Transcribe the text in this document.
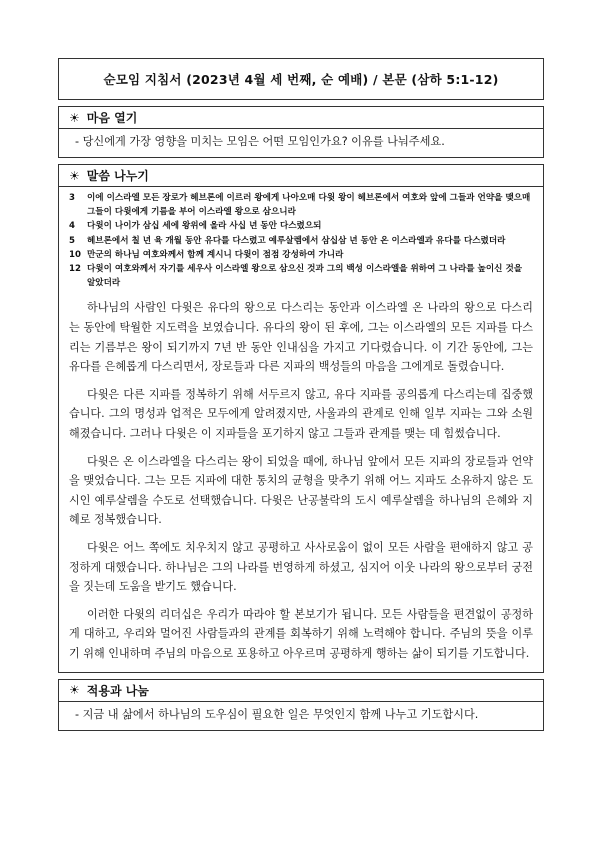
순모임 지침서 (2023년 4월 세 번째, 순 예배) / 본문 (삼하 5:1-12)
☀ 마음 열기
- 당신에게 가장 영향을 미치는 모임은 어떤 모임인가요? 이유를 나눠주세요.
☀ 말씀 나누기
3	이에 이스라엘 모든 장로가 헤브론에 이르러 왕에게 나아오매 다윗 왕이 헤브론에서 여호와 앞에 그들과 언약을 맺으매 그들이 다윗에게 기름을 부어 이스라엘 왕으로 삼으니라
4	다윗이 나이가 삼십 세에 왕위에 올라 사십 년 동안 다스렸으되
5	헤브론에서 칠 년 육 개월 동안 유다를 다스렸고 예루살렘에서 삼십삼 년 동안 온 이스라엘과 유다를 다스렸더라
10 만군의 하나님 여호와께서 함께 계시니 다윗이 점점 강성하여 가니라
12 다윗이 여호와께서 자기를 세우사 이스라엘 왕으로 삼으신 것과 그의 백성 이스라엘을 위하여 그 나라를 높이신 것을 알았더라

하나님의 사람인 다윗은 유다의 왕으로 다스리는 동안과 이스라엘 온 나라의 왕으로 다스리는 동안에 탁월한 지도력을 보였습니다. 유다의 왕이 된 후에, 그는 이스라엘의 모든 지파를 다스리는 기름부은 왕이 되기까지 7년 반 동안 인내심을 가지고 기다렸습니다. 이 기간 동안에, 그는 유다를 은혜롭게 다스리면서, 장로들과 다른 지파의 백성들의 마음을 그에게로 돌렸습니다.

다윗은 다른 지파를 정복하기 위해 서두르지 않고, 유다 지파를 공의롭게 다스리는데 집중했습니다. 그의 명성과 업적은 모두에게 알려졌지만, 사울과의 관계로 인해 일부 지파는 그와 소원해졌습니다. 그러나 다윗은 이 지파들을 포기하지 않고 그들과 관계를 맺는 데 힘썼습니다.

다윗은 온 이스라엘을 다스리는 왕이 되었을 때에, 하나님 앞에서 모든 지파의 장로들과 언약을 맺었습니다. 그는 모든 지파에 대한 통치의 균형을 맞추기 위해 어느 지파도 소유하지 않은 도시인 예루살렘을 수도로 선택했습니다. 다윗은 난공불락의 도시 예루살렘을 하나님의 은혜와 지혜로 정복했습니다.

다윗은 어느 쪽에도 치우치지 않고 공평하고 사사로움이 없이 모든 사람을 편애하지 않고 공정하게 대했습니다. 하나님은 그의 나라를 번영하게 하셨고, 심지어 이웃 나라의 왕으로부터 궁전을 짓는데 도움을 받기도 했습니다.

이러한 다윗의 리더십은 우리가 따라야 할 본보기가 됩니다. 모든 사람들을 편견없이 공정하게 대하고, 우리와 멀어진 사람들과의 관계를 회복하기 위해 노력해야 합니다. 주님의 뜻을 이루기 위해 인내하며 주님의 마음으로 포용하고 아우르며 공평하게 행하는 삶이 되기를 기도합니다.

☀ 적용과 나눔
- 지금 내 삶에서 하나님의 도우심이 필요한 일은 무엇인지 함께 나누고 기도합시다.
